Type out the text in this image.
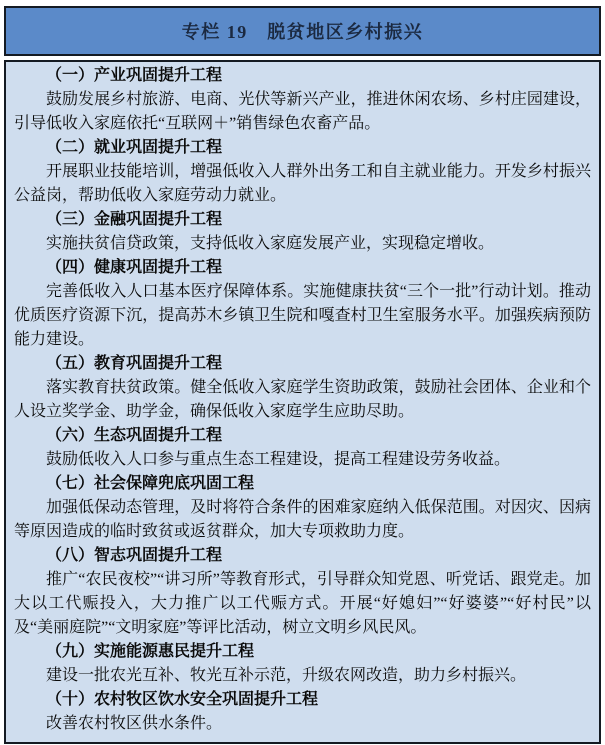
专栏 19　脱贫地区乡村振兴

（一）产业巩固提升工程

鼓励发展乡村旅游、电商、光伏等新兴产业，推进休闲农场、乡村庄园建设，引导低收入家庭依托“互联网＋”销售绿色农畜产品。

（二）就业巩固提升工程

开展职业技能培训，增强低收入人群外出务工和自主就业能力。开发乡村振兴公益岗，帮助低收入家庭劳动力就业。

（三）金融巩固提升工程

实施扶贫信贷政策，支持低收入家庭发展产业，实现稳定增收。

（四）健康巩固提升工程

完善低收入人口基本医疗保障体系。实施健康扶贫“三个一批”行动计划。推动优质医疗资源下沉，提高苏木乡镇卫生院和嘎查村卫生室服务水平。加强疾病预防能力建设。

（五）教育巩固提升工程

落实教育扶贫政策。健全低收入家庭学生资助政策，鼓励社会团体、企业和个人设立奖学金、助学金，确保低收入家庭学生应助尽助。

（六）生态巩固提升工程

鼓励低收入人口参与重点生态工程建设，提高工程建设劳务收益。

（七）社会保障兜底巩固工程

加强低保动态管理，及时将符合条件的困难家庭纳入低保范围。对因灾、因病等原因造成的临时致贫或返贫群众，加大专项救助力度。

（八）智志巩固提升工程

推广“农民夜校”“讲习所”等教育形式，引导群众知党恩、听党话、跟党走。加大以工代赈投入，大力推广以工代赈方式。开展“好媳妇”“好婆婆”“好村民”以及“美丽庭院”“文明家庭”等评比活动，树立文明乡风民风。

（九）实施能源惠民提升工程

建设一批农光互补、牧光互补示范，升级农网改造，助力乡村振兴。

（十）农村牧区饮水安全巩固提升工程

改善农村牧区供水条件。
